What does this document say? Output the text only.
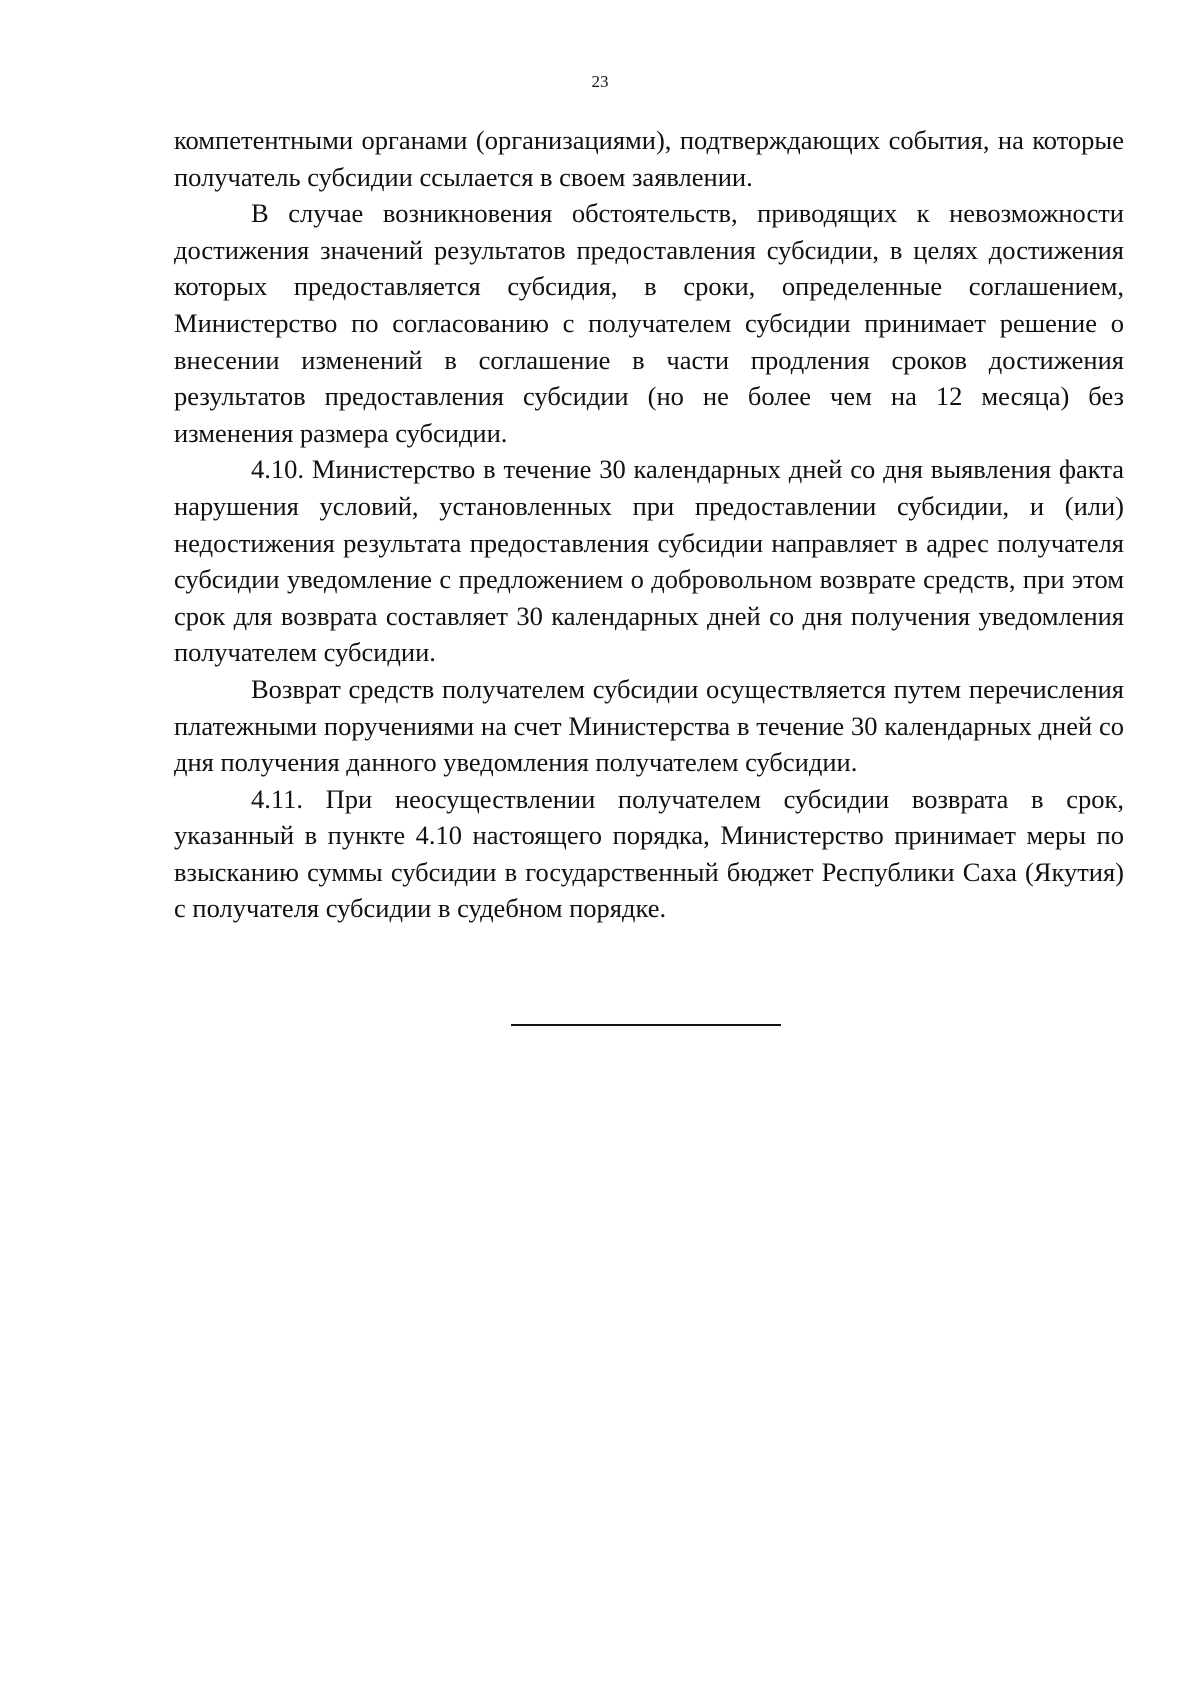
23

компетентными органами (организациями), подтверждающих события, на которые получатель субсидии ссылается в своем заявлении.

В случае возникновения обстоятельств, приводящих к невозможности достижения значений результатов предоставления субсидии, в целях достижения которых предоставляется субсидия, в сроки, определенные соглашением, Министерство по согласованию с получателем субсидии принимает решение о внесении изменений в соглашение в части продления сроков достижения результатов предоставления субсидии (но не более чем на 12 месяца) без изменения размера субсидии.

4.10. Министерство в течение 30 календарных дней со дня выявления факта нарушения условий, установленных при предоставлении субсидии, и (или) недостижения результата предоставления субсидии направляет в адрес получателя субсидии уведомление с предложением о добровольном возврате средств, при этом срок для возврата составляет 30 календарных дней со дня получения уведомления получателем субсидии.

Возврат средств получателем субсидии осуществляется путем перечисления платежными поручениями на счет Министерства в течение 30 календарных дней со дня получения данного уведомления получателем субсидии.

4.11. При неосуществлении получателем субсидии возврата в срок, указанный в пункте 4.10 настоящего порядка, Министерство принимает меры по взысканию суммы субсидии в государственный бюджет Республики Саха (Якутия) с получателя субсидии в судебном порядке.
